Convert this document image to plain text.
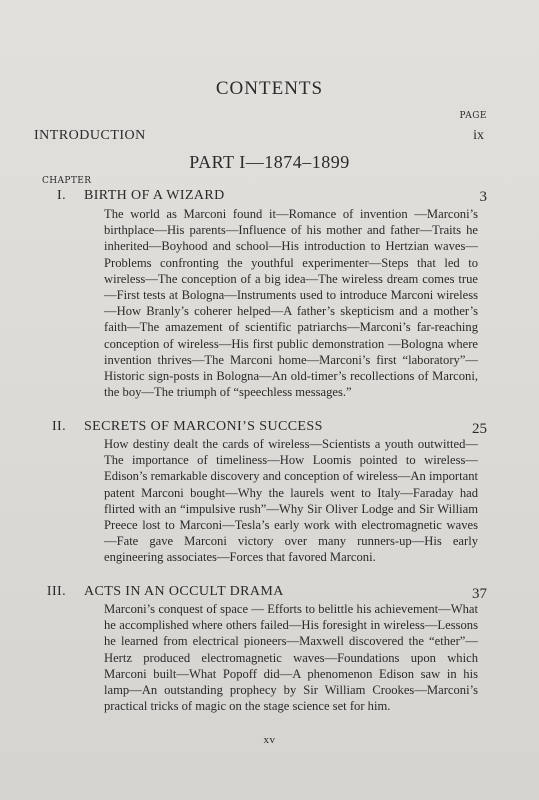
CONTENTS
PAGE
INTRODUCTION	ix
PART I—1874–1899
CHAPTER
I. BIRTH OF A WIZARD	3

The world as Marconi found it—Romance of invention —Marconi’s birthplace—His parents—Influence of his mother and father—Traits he inherited—Boyhood and school—His introduction to Hertzian waves—Problems confronting the youthful experimenter—Steps that led to wireless—The conception of a big idea—The wireless dream comes true—First tests at Bologna—Instruments used to introduce Marconi wireless—How Branly’s coherer helped—A father’s skepticism and a mother’s faith—The amazement of scientific patriarchs—Marconi’s far-reaching conception of wireless—His first public demonstration —Bologna where invention thrives—The Marconi home—Marconi’s first “laboratory”—Historic sign-posts in Bologna—An old-timer’s recollections of Marconi, the boy—The triumph of “speechless messages.”

II. SECRETS OF MARCONI’S SUCCESS	25

How destiny dealt the cards of wireless—Scientists a youth outwitted—The importance of timeliness—How Loomis pointed to wireless—Edison’s remarkable discovery and conception of wireless—An important patent Marconi bought—Why the laurels went to Italy—Faraday had flirted with an “impulsive rush”—Why Sir Oliver Lodge and Sir William Preece lost to Marconi—Tesla’s early work with electromagnetic waves—Fate gave Marconi victory over many runners-up—His early engineering associates—Forces that favored Marconi.

III. ACTS IN AN OCCULT DRAMA	37

Marconi’s conquest of space — Efforts to belittle his achievement—What he accomplished where others failed—His foresight in wireless—Lessons he learned from electrical pioneers—Maxwell discovered the “ether”—Hertz produced electromagnetic waves—Foundations upon which Marconi built—What Popoff did—A phenomenon Edison saw in his lamp—An outstanding prophecy by Sir William Crookes—Marconi’s practical tricks of magic on the stage science set for him.

xv
